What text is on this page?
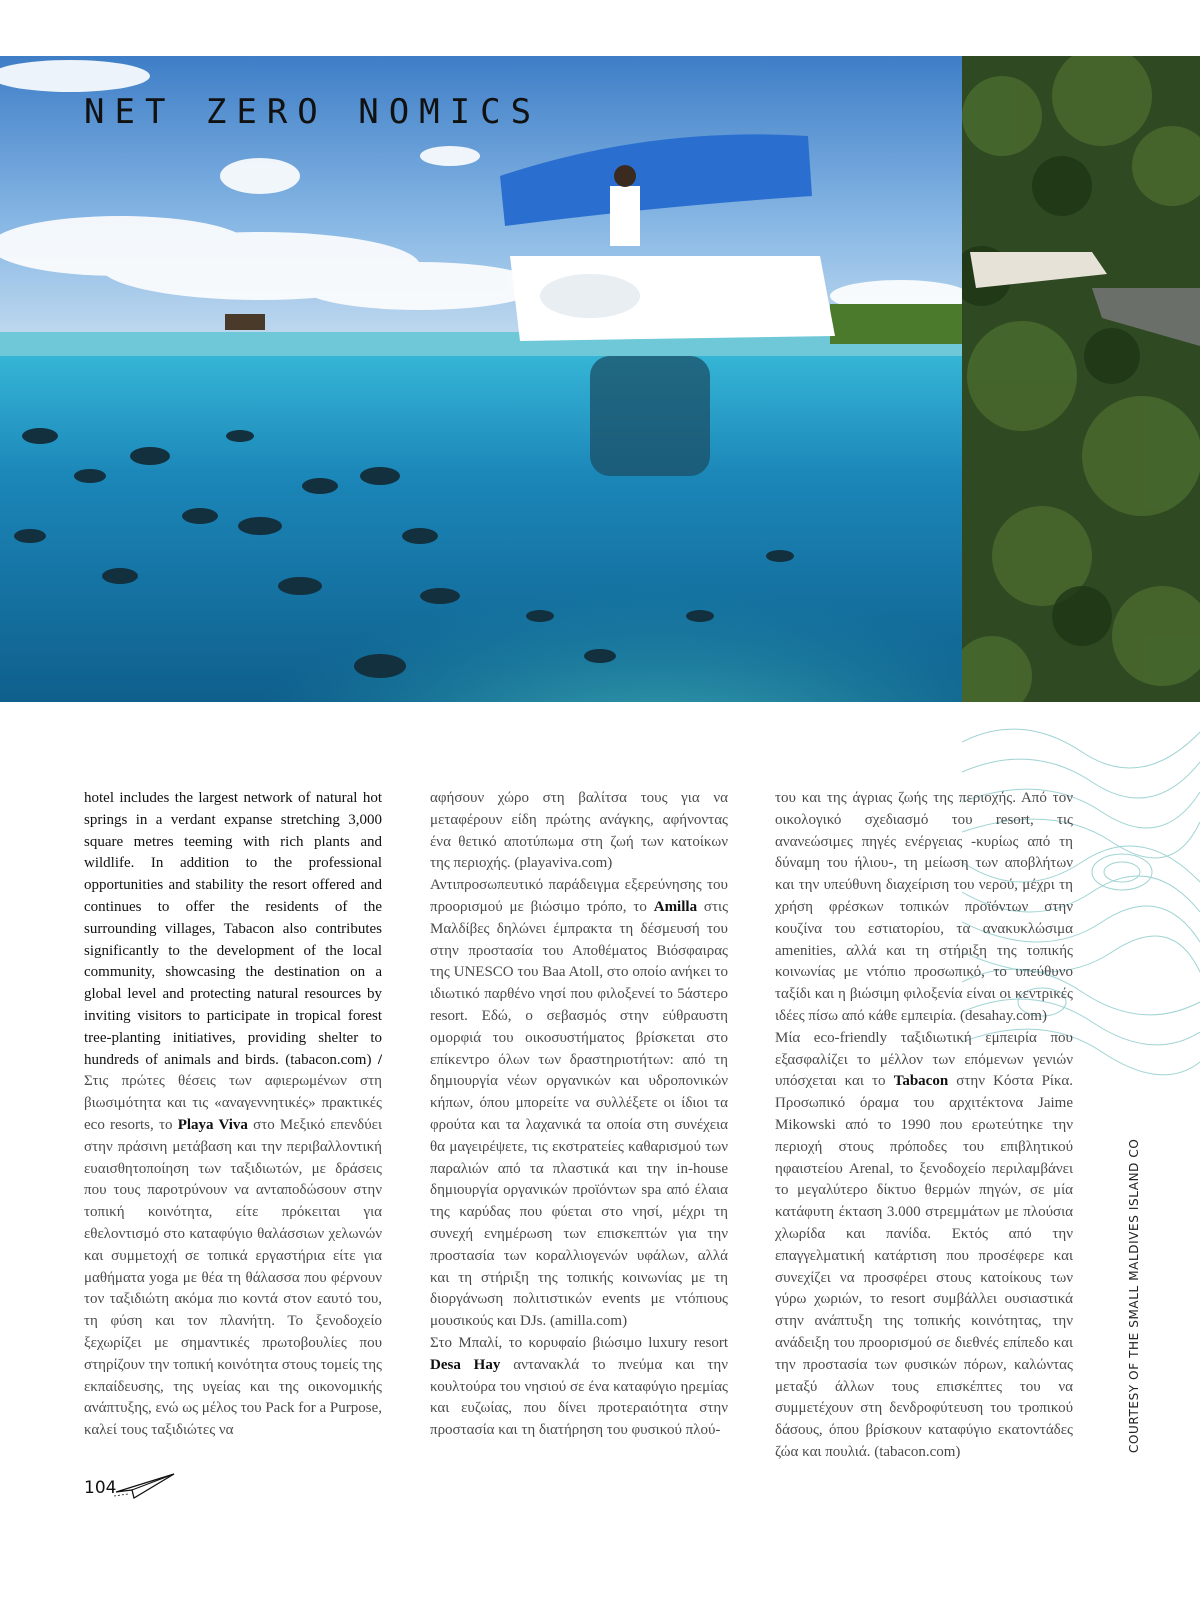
NET ZERO NOMICS

hotel includes the largest network of natural hot springs in a verdant expanse stretching 3,000 square metres teeming with rich plants and wildlife. In addition to the professional opportunities and stability the resort offered and continues to offer the residents of the surrounding villages, Tabacon also contributes significantly to the development of the local community, showcasing the destination on a global level and protecting natural resources by inviting visitors to participate in tropical forest tree-planting initiatives, providing shelter to hundreds of animals and birds. (tabacon.com) / Στις πρώτες θέσεις των αφιερωμένων στη βιωσιμότητα και τις «αναγεννητικές» πρακτικές eco resorts, το Playa Viva στο Μεξικό επενδύει στην πράσινη μετάβαση και την περιβαλλοντική ευαισθητοποίηση των ταξιδιωτών, με δράσεις που τους παροτρύνουν να ανταποδώσουν στην τοπική κοινότητα, είτε πρόκειται για εθελοντισμό στο καταφύγιο θαλάσσιων χελωνών και συμμετοχή σε τοπικά εργαστήρια είτε για μαθήματα yoga με θέα τη θάλασσα που φέρνουν τον ταξιδιώτη ακόμα πιο κοντά στον εαυτό του, τη φύση και τον πλανήτη. Το ξενοδοχείο ξεχωρίζει με σημαντικές πρωτοβουλίες που στηρίζουν την τοπική κοινότητα στους τομείς της εκπαίδευσης, της υγείας και της οικονομικής ανάπτυξης, ενώ ως μέλος του Pack for a Purpose, καλεί τους ταξιδιώτες να

αφήσουν χώρο στη βαλίτσα τους για να μεταφέρουν είδη πρώτης ανάγκης, αφήνοντας ένα θετικό αποτύπωμα στη ζωή των κατοίκων της περιοχής. (playaviva.com)

Αντιπροσωπευτικό παράδειγμα εξερεύνησης του προορισμού με βιώσιμο τρόπο, το Amilla στις Μαλδίβες δηλώνει έμπρακτα τη δέσμευσή του στην προστασία του Αποθέματος Βιόσφαιρας της UNESCO του Baa Atoll, στο οποίο ανήκει το ιδιωτικό παρθένο νησί που φιλοξενεί το 5άστερο resort. Εδώ, ο σεβασμός στην εύθραυστη ομορφιά του οικοσυστήματος βρίσκεται στο επίκεντρο όλων των δραστηριοτήτων: από τη δημιουργία νέων οργανικών και υδροπονικών κήπων, όπου μπορείτε να συλλέξετε οι ίδιοι τα φρούτα και τα λαχανικά τα οποία στη συνέχεια θα μαγειρέψετε, τις εκστρατείες καθαρισμού των παραλιών από τα πλαστικά και την in-house δημιουργία οργανικών προϊόντων spa από έλαια της καρύδας που φύεται στο νησί, μέχρι τη συνεχή ενημέρωση των επισκεπτών για την προστασία των κοραλλιογενών υφάλων, αλλά και τη στήριξη της τοπικής κοινωνίας με τη διοργάνωση πολιτιστικών events με ντόπιους μουσικούς και DJs. (amilla.com)

Στο Μπαλί, το κορυφαίο βιώσιμο luxury resort Desa Hay αντανακλά το πνεύμα και την κουλτούρα του νησιού σε ένα καταφύγιο ηρεμίας και ευζωίας, που δίνει προτεραιότητα στην προστασία και τη διατήρηση του φυσικού πλού-

του και της άγριας ζωής της περιοχής. Από τον οικολογικό σχεδιασμό του resort, τις ανανεώσιμες πηγές ενέργειας -κυρίως από τη δύναμη του ήλιου-, τη μείωση των αποβλήτων και την υπεύθυνη διαχείριση του νερού, μέχρι τη χρήση φρέσκων τοπικών προϊόντων στην κουζίνα του εστιατορίου, τα ανακυκλώσιμα amenities, αλλά και τη στήριξη της τοπικής κοινωνίας με ντόπιο προσωπικό, το υπεύθυνο ταξίδι και η βιώσιμη φιλοξενία είναι οι κεντρικές ιδέες πίσω από κάθε εμπειρία. (desahay.com)

Μία eco-friendly ταξιδιωτική εμπειρία που εξασφαλίζει το μέλλον των επόμενων γενιών υπόσχεται και το Tabacon στην Κόστα Ρίκα. Προσωπικό όραμα του αρχιτέκτονα Jaime Mikowski από το 1990 που ερωτεύτηκε την περιοχή στους πρόποδες του επιβλητικού ηφαιστείου Arenal, το ξενοδοχείο περιλαμβάνει το μεγαλύτερο δίκτυο θερμών πηγών, σε μία κατάφυτη έκταση 3.000 στρεμμάτων με πλούσια χλωρίδα και πανίδα. Εκτός από την επαγγελματική κατάρτιση που προσέφερε και συνεχίζει να προσφέρει στους κατοίκους των γύρω χωριών, το resort συμβάλλει ουσιαστικά στην ανάπτυξη της τοπικής κοινότητας, την ανάδειξη του προορισμού σε διεθνές επίπεδο και την προστασία των φυσικών πόρων, καλώντας μεταξύ άλλων τους επισκέπτες του να συμμετέχουν στη δενδροφύτευση του τροπικού δάσους, όπου βρίσκουν καταφύγιο εκατοντάδες ζώα και πουλιά. (tabacon.com)	COURTESY OF THE SMALL MALDIVES ISLAND CO
104
